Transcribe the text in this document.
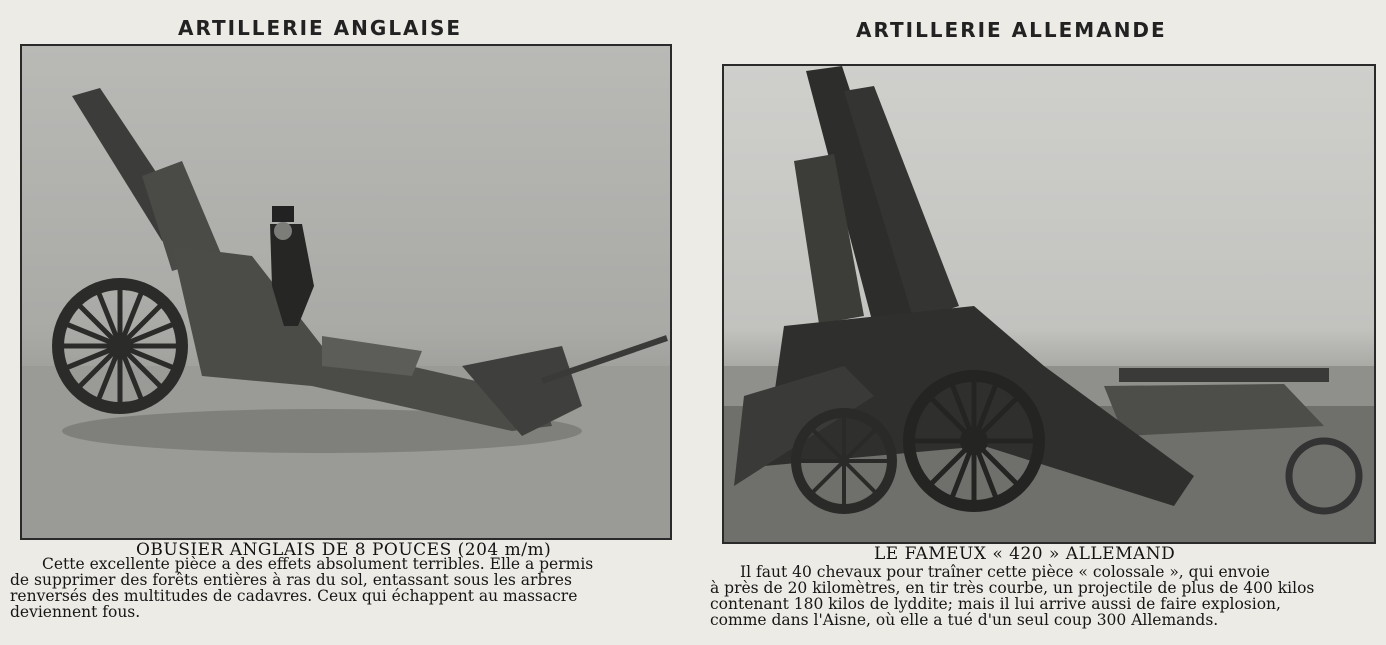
ARTILLERIE ANGLAISE
OBUSIER ANGLAIS DE 8 POUCES (204 m/m)
Cette excellente pièce a des effets absolument terribles. Elle a permis
de supprimer des forêts entières à ras du sol, entassant sous les arbres
renversés des multitudes de cadavres. Ceux qui échappent au massacre
deviennent fous.
ARTILLERIE ALLEMANDE
LE FAMEUX « 420 » ALLEMAND
Il faut 40 chevaux pour traîner cette pièce « colossale », qui envoie
à près de 20 kilomètres, en tir très courbe, un projectile de plus de 400 kilos
contenant 180 kilos de lyddite; mais il lui arrive aussi de faire explosion,
comme dans l'Aisne, où elle a tué d'un seul coup 300 Allemands.
